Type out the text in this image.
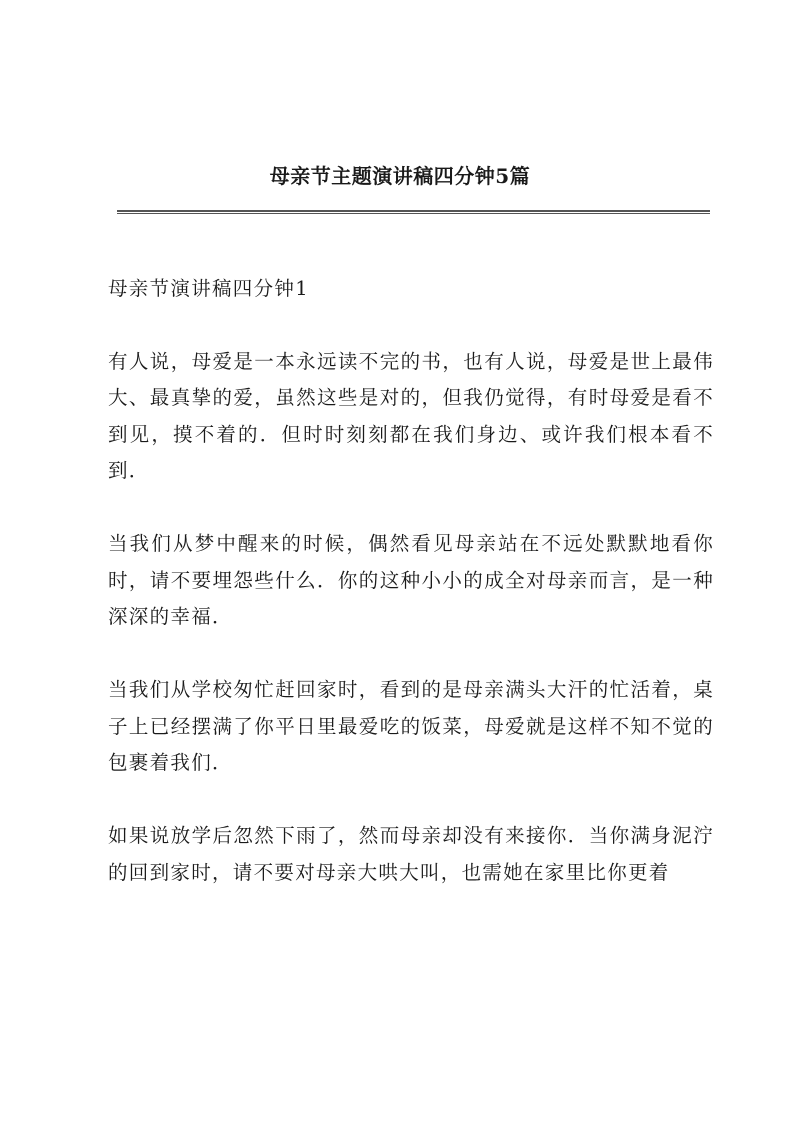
母亲节主题演讲稿四分钟5篇

母亲节演讲稿四分钟1

有人说，母爱是一本永远读不完的书，也有人说，母爱是世上最伟大、最真挚的爱，虽然这些是对的，但我仍觉得，有时母爱是看不到见，摸不着的．但时时刻刻都在我们身边、或许我们根本看不到．

当我们从梦中醒来的时候，偶然看见母亲站在不远处默默地看你时，请不要埋怨些什么．你的这种小小的成全对母亲而言，是一种深深的幸福．

当我们从学校匆忙赶回家时，看到的是母亲满头大汗的忙活着，桌子上已经摆满了你平日里最爱吃的饭菜，母爱就是这样不知不觉的包裹着我们．

如果说放学后忽然下雨了，然而母亲却没有来接你．当你满身泥泞的回到家时，请不要对母亲大哄大叫，也需她在家里比你更着
